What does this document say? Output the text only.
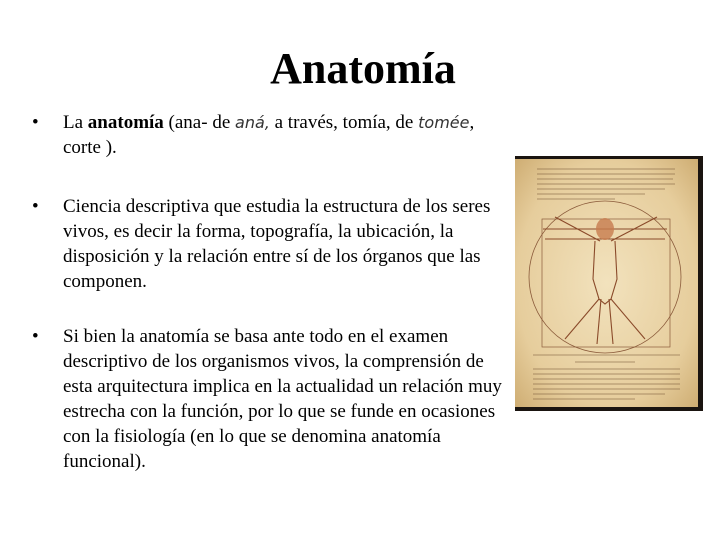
Anatomía
• La anatomía (ana- de aná, a través, tomía, de tomée, corte ).
• Ciencia descriptiva que estudia la estructura de los seres vivos, es decir la forma, topografía, la ubicación, la disposición y la relación entre sí de los órganos que las componen.
• Si bien la anatomía se basa ante todo en el examen descriptivo de los organismos vivos, la comprensión de esta arquitectura implica en la actualidad un relación muy estrecha con la función, por lo que se funde en ocasiones con la fisiología (en lo que se denomina anatomía funcional).
